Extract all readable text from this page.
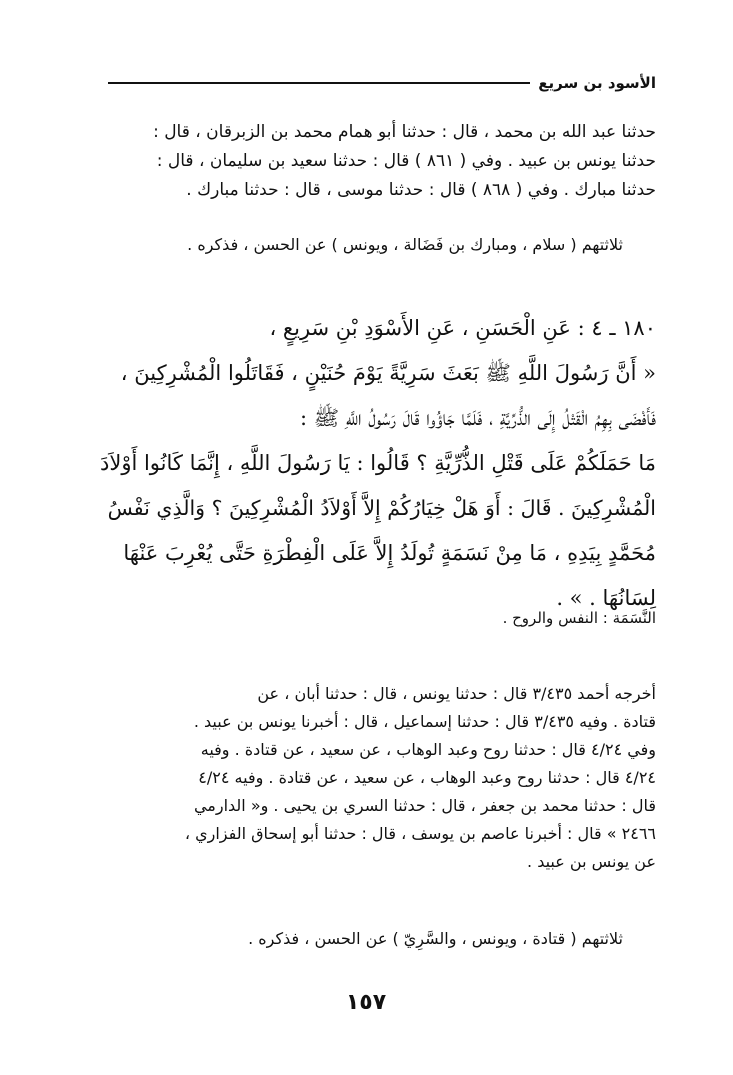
الأسود بن سريع
حدثنا عبد الله بن محمد ، قال : حدثنا أبو همام محمد بن الزبرقان ، قال :
حدثنا يونس بن عبيد . وفي ( ٨٦١ ) قال : حدثنا سعيد بن سليمان ، قال :
حدثنا مبارك . وفي ( ٨٦٨ ) قال : حدثنا موسى ، قال : حدثنا مبارك .
ثلاثتهم ( سلام ، ومبارك بن فَضَالة ، ويونس ) عن الحسن ، فذكره .
١٨٠ ـ ٤ : عَنِ الْحَسَنِ ، عَنِ الأَسْوَدِ بْنِ سَرِيعٍ ،
« أَنَّ رَسُولَ اللَّهِ ﷺ بَعَثَ سَرِيَّةً يَوْمَ حُنَيْنٍ ، فَقَاتَلُوا الْمُشْرِكِينَ ،
فَأَفْضَى بِهِمُ الْقَتْلُ إِلَى الذُّرِّيَّةِ ، فَلَمَّا جَاؤُوا قَالَ رَسُولُ اللَّهِ ﷺ :
مَا حَمَلَكُمْ عَلَى قَتْلِ الذُّرِّيَّةِ ؟ قَالُوا : يَا رَسُولَ اللَّهِ ، إِنَّمَا كَانُوا أَوْلاَدَ
الْمُشْرِكِينَ . قَالَ : أَوَ هَلْ خِيَارُكُمْ إِلاَّ أَوْلاَدُ الْمُشْرِكِينَ ؟ وَالَّذِي نَفْسُ
مُحَمَّدٍ بِيَدِهِ ، مَا مِنْ نَسَمَةٍ تُولَدُ إِلاَّ عَلَى الْفِطْرَةِ حَتَّى يُعْرِبَ عَنْهَا
لِسَانُهَا . » .
النَّسَمَة : النفس والروح .
أخرجه أحمد ٣/٤٣٥ قال : حدثنا يونس ، قال : حدثنا أبان ، عن
قتادة . وفيه ٣/٤٣٥ قال : حدثنا إسماعيل ، قال : أخبرنا يونس بن عبيد .
وفي ٤/٢٤ قال : حدثنا روح وعبد الوهاب ، عن سعيد ، عن قتادة . وفيه
٤/٢٤ قال : حدثنا روح وعبد الوهاب ، عن سعيد ، عن قتادة . وفيه ٤/٢٤
قال : حدثنا محمد بن جعفر ، قال : حدثنا السري بن يحيى . و« الدارمي
٢٤٦٦ » قال : أخبرنا عاصم بن يوسف ، قال : حدثنا أبو إسحاق الفزاري ،
عن يونس بن عبيد .
ثلاثتهم ( قتادة ، ويونس ، والسَّرِيّ ) عن الحسن ، فذكره .
١٥٧
